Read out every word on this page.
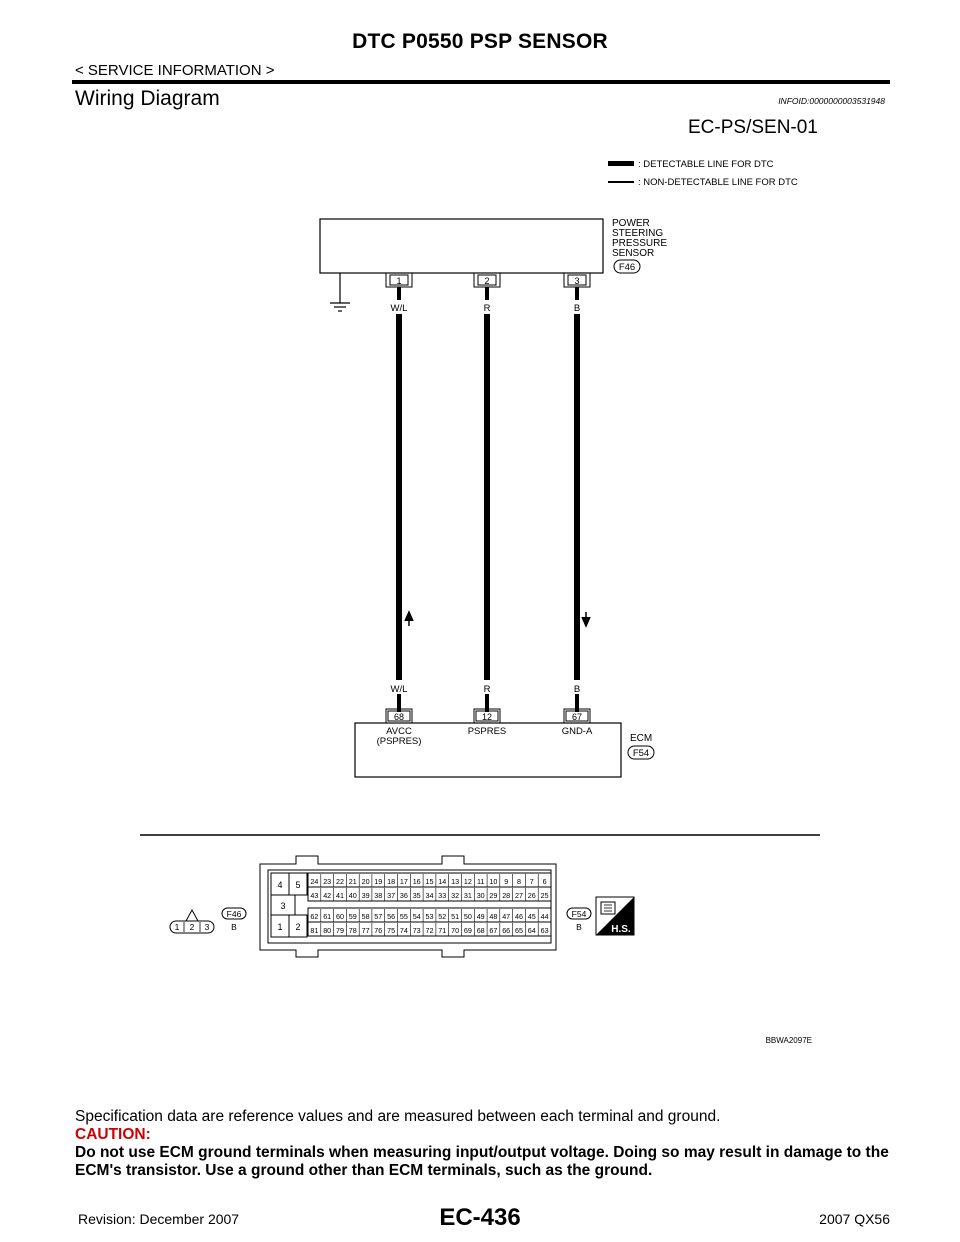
DTC P0550 PSP SENSOR
< SERVICE INFORMATION >
Wiring Diagram	INFOID:0000000003531948
EC-PS/SEN-01
: DETECTABLE LINE FOR DTC
: NON-DETECTABLE LINE FOR DTC
POWER
STEERING
PRESSURE
SENSOR
F46
1	2	3
W/L	R	B
W/L	R	B
68	12	67
AVCC
(PSPRES)
PSPRES	GND-A
ECM
F54
1 2 3
F46
B
4 5
3
1 2
24 23 22 21 20 19 18 17 16 15 14 13 12 11 10 9 8 7 6
43 42 41 40 39 38 37 36 35 34 33 32 31 30 29 28 27 26 25
62 61 60 59 58 57 56 55 54 53 52 51 50 49 48 47 46 45 44
81 80 79 78 77 76 75 74 73 72 71 70 69 68 67 66 65 64 63
F54
B	H.S.
BBWA2097E
Specification data are reference values and are measured between each terminal and ground.
CAUTION:
Do not use ECM ground terminals when measuring input/output voltage. Doing so may result in damage to the ECM's transistor. Use a ground other than ECM terminals, such as the ground.
EC-436
Revision: December 2007	2007 QX56
